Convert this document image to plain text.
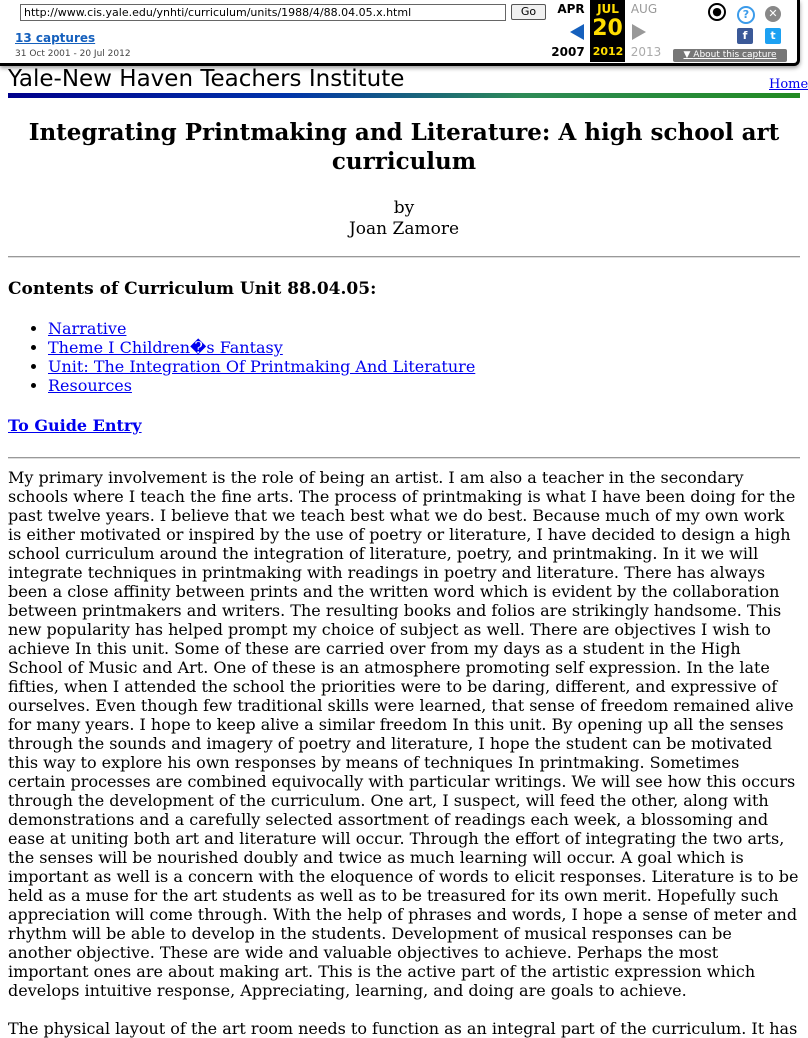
http://www.cis.yale.edu/ynhti/curriculum/units/1988/4/88.04.05.x.html	Go
13 captures
31 Oct 2001 - 20 Jul 2012
APR	JUL AUG
20
2007 2012 2013
●	?	✕
f	t
▼ About this capture
Yale-New Haven Teachers Institute	Home
Integrating Printmaking and Literature: A high school art curriculum
by
Joan Zamore
Contents of Curriculum Unit 88.04.05:
• Narrative
• Theme I Children�s Fantasy
• Unit: The Integration Of Printmaking And Literature
• Resources
To Guide Entry

My primary involvement is the role of being an artist. I am also a teacher in the secondary schools where I teach the fine arts. The process of printmaking is what I have been doing for the past twelve years. I believe that we teach best what we do best. Because much of my own work is either motivated or inspired by the use of poetry or literature, I have decided to design a high school curriculum around the integration of literature, poetry, and printmaking. In it we will integrate techniques in printmaking with readings in poetry and literature. There has always been a close affinity between prints and the written word which is evident by the collaboration between printmakers and writers. The resulting books and folios are strikingly handsome. This new popularity has helped prompt my choice of subject as well. There are objectives I wish to achieve In this unit. Some of these are carried over from my days as a student in the High School of Music and Art. One of these is an atmosphere promoting self expression. In the late fifties, when I attended the school the priorities were to be daring, different, and expressive of ourselves. Even though few traditional skills were learned, that sense of freedom remained alive for many years. I hope to keep alive a similar freedom In this unit. By opening up all the senses through the sounds and imagery of poetry and literature, I hope the student can be motivated this way to explore his own responses by means of techniques In printmaking. Sometimes certain processes are combined equivocally with particular writings. We will see how this occurs through the development of the curriculum. One art, I suspect, will feed the other, along with demonstrations and a carefully selected assortment of readings each week, a blossoming and ease at uniting both art and literature will occur. Through the effort of integrating the two arts, the senses will be nourished doubly and twice as much learning will occur. A goal which is important as well is a concern with the eloquence of words to elicit responses. Literature is to be held as a muse for the art students as well as to be treasured for its own merit. Hopefully such appreciation will come through. With the help of phrases and words, I hope a sense of meter and rhythm will be able to develop in the students. Development of musical responses can be another objective. These are wide and valuable objectives to achieve. Perhaps the most important ones are about making art. This is the active part of the artistic expression which develops intuitive response, Appreciating, learning, and doing are goals to achieve.

The physical layout of the art room needs to function as an integral part of the curriculum. It has
